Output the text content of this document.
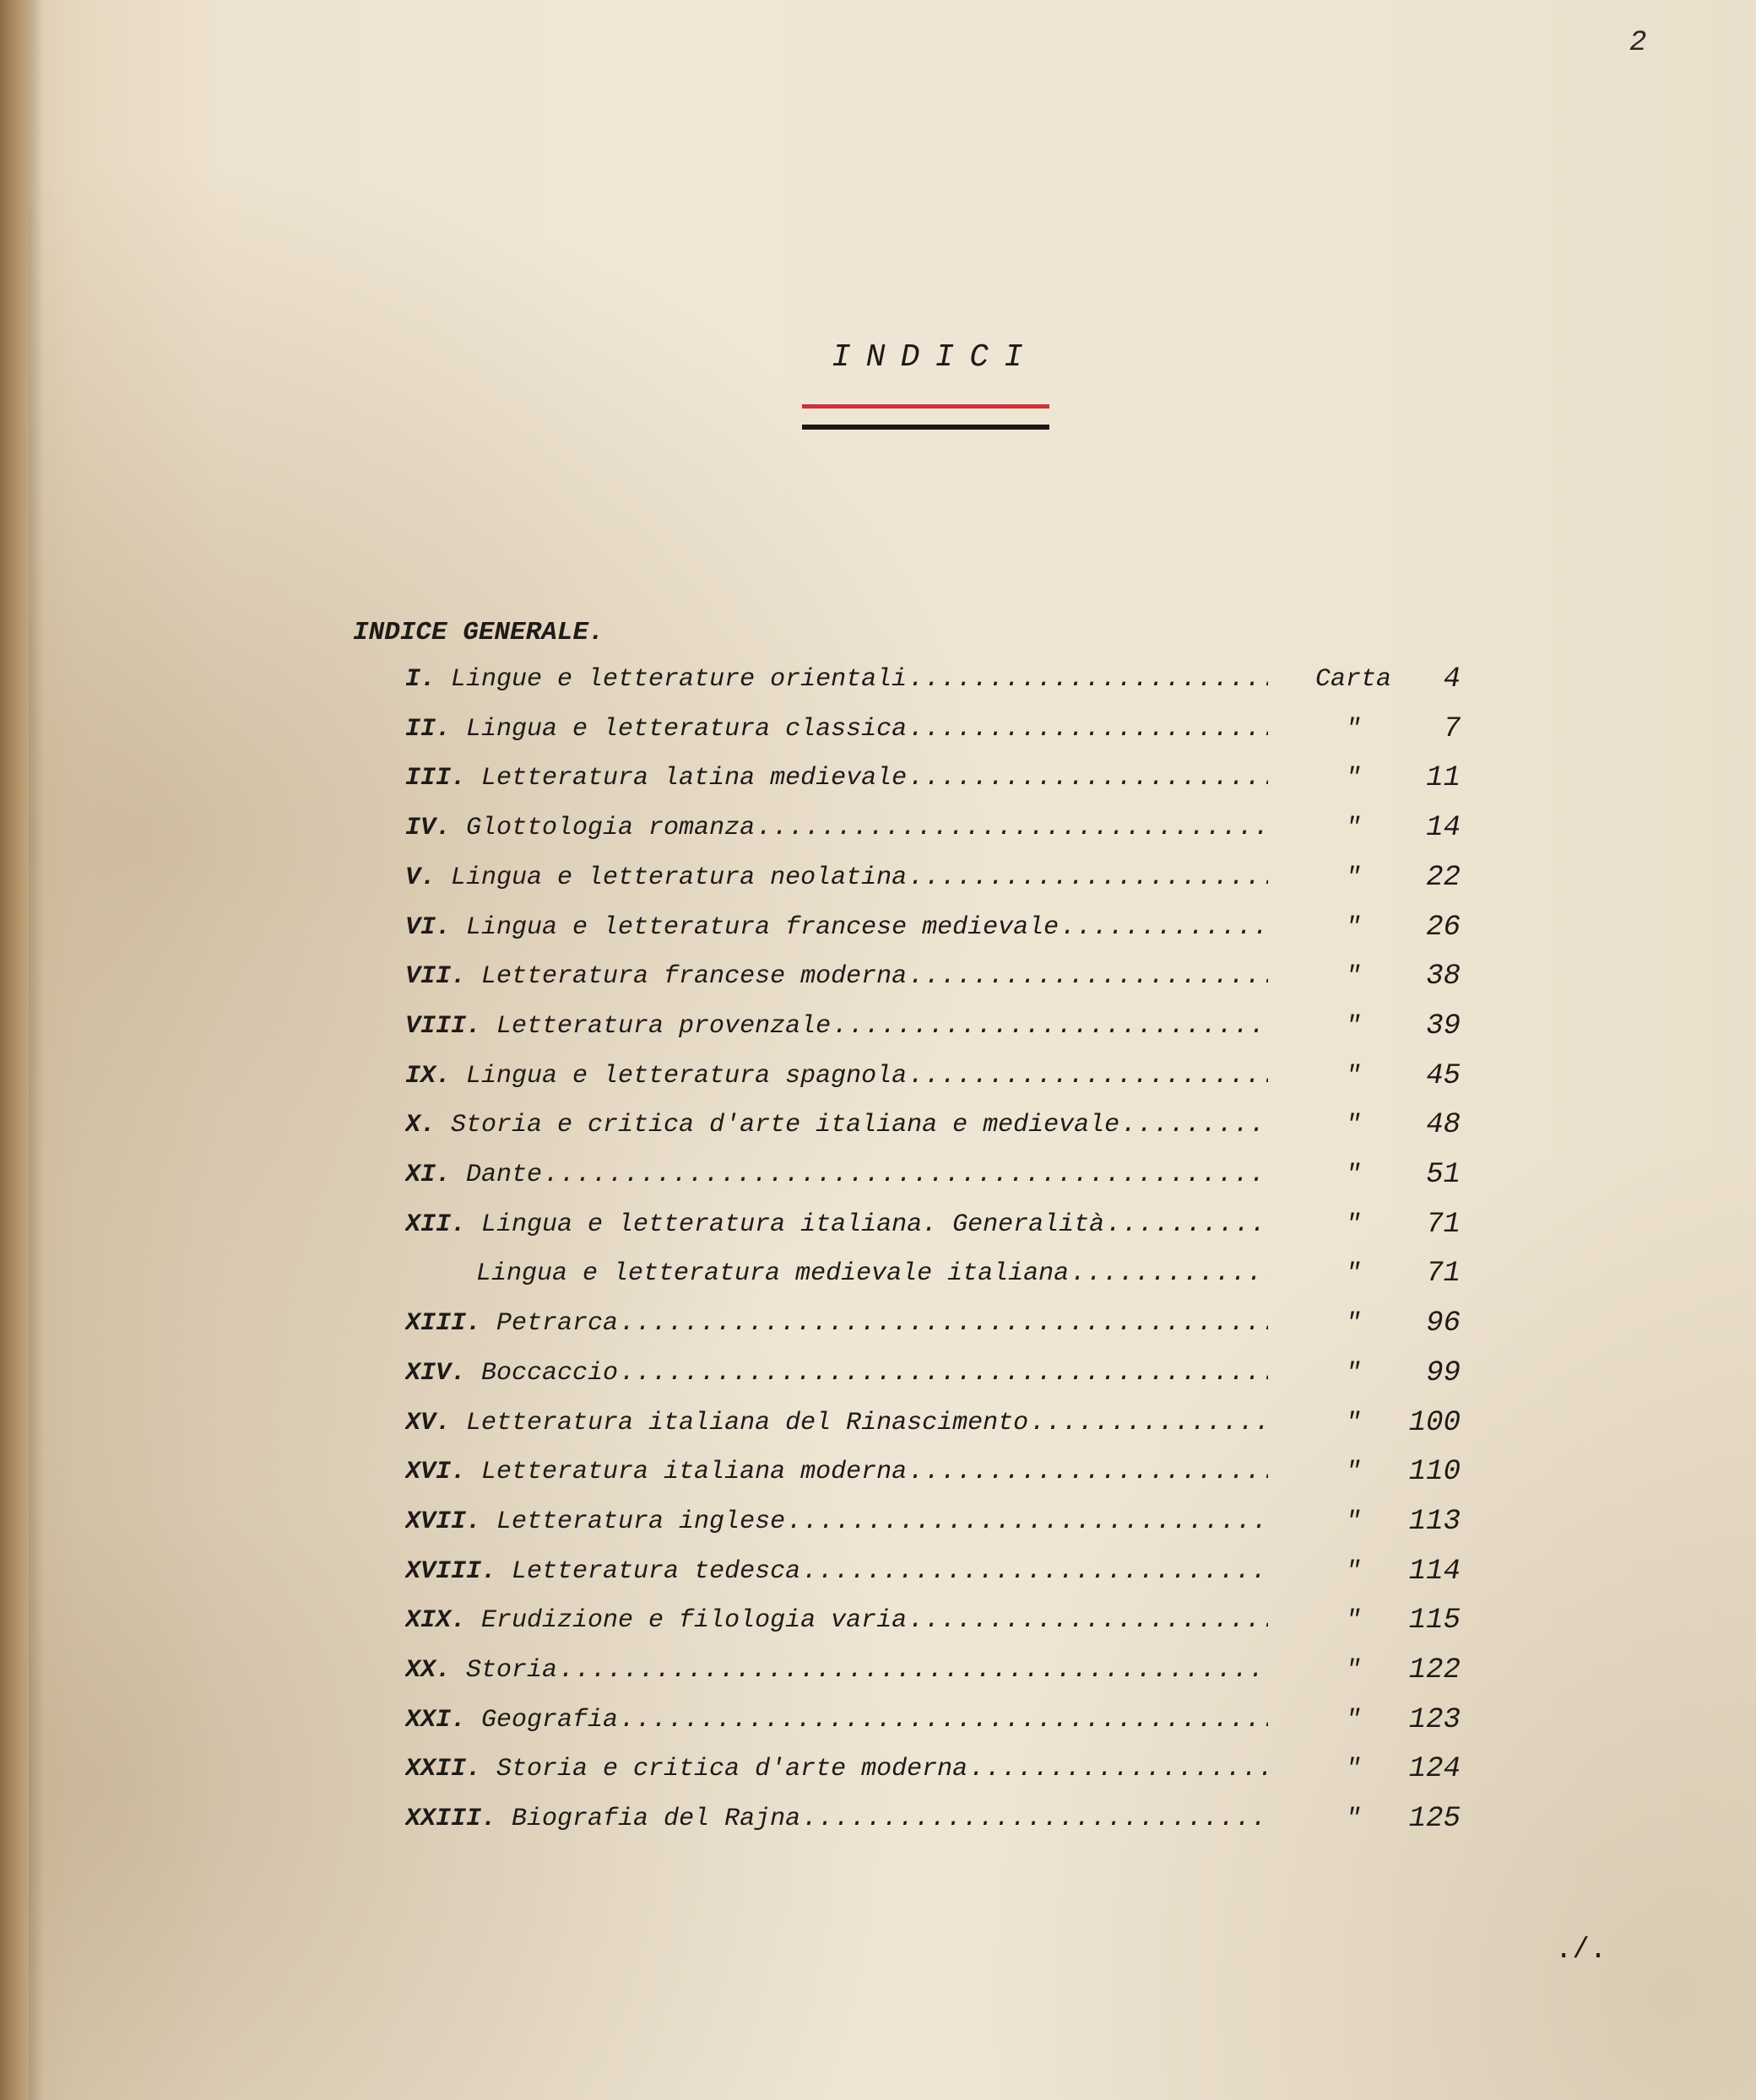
2
INDICI
INDICE GENERALE.
I. Lingue e letterature orientali .....	Carta	4
II. Lingua e letteratura classica .....	"	7
III. Letteratura latina medievale .....	"	11
IV. Glottologia romanza .....	"	14
V. Lingua e letteratura neolatina .....	"	22
VI. Lingua e letteratura francese medievale .....	"	26
VII. Letteratura francese moderna .....	"	38
VIII. Letteratura provenzale .....	"	39
IX. Lingua e letteratura spagnola .....	"	45
X. Storia e critica d'arte italiana e medievale .....	"	48
XI. Dante .....	"	51
XII. Lingua e letteratura italiana. Generalità .....	"	71
Lingua e letteratura medievale italiana .....	"	71
XIII. Petrarca .....	"	96
XIV. Boccaccio .....	"	99
XV. Letteratura italiana del Rinascimento .....	"	100
XVI. Letteratura italiana moderna .....	"	110
XVII. Letteratura inglese .....	"	113
XVIII. Letteratura tedesca .....	"	114
XIX. Erudizione e filologia varia .....	"	115
XX. Storia .....	"	122
XXI. Geografia .....	"	123
XXII. Storia e critica d'arte moderna .....	"	124
XXIII. Biografia del Rajna .....	"	125
./.
